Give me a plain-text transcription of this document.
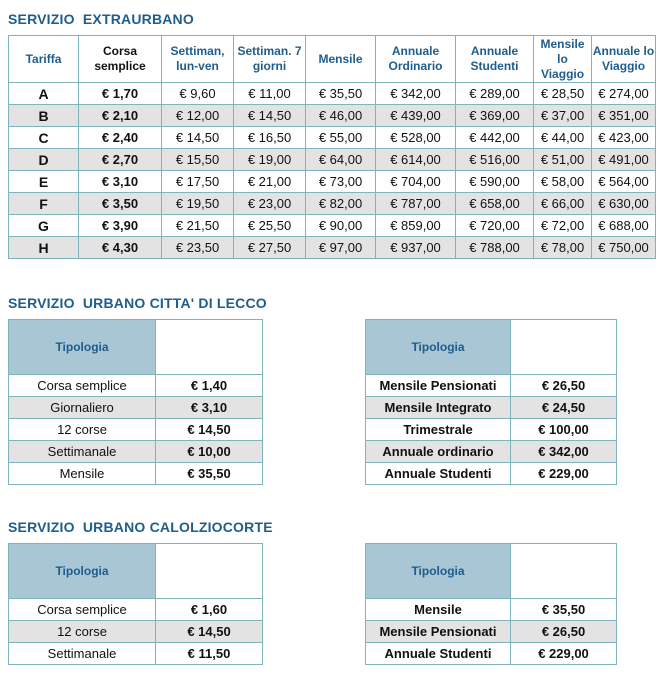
SERVIZIO  EXTRAURBANO
Tariffa	Corsa semplice	Settiman, lun-ven	Settiman. 7 giorni	Mensile	Annuale Ordinario	Annuale Studenti	Mensile lo Viaggio	Annuale lo Viaggio
A	€ 1,70	€ 9,60	€ 11,00	€ 35,50	€ 342,00	€ 289,00	€ 28,50	€ 274,00
B	€ 2,10	€ 12,00	€ 14,50	€ 46,00	€ 439,00	€ 369,00	€ 37,00	€ 351,00
C	€ 2,40	€ 14,50	€ 16,50	€ 55,00	€ 528,00	€ 442,00	€ 44,00	€ 423,00
D	€ 2,70	€ 15,50	€ 19,00	€ 64,00	€ 614,00	€ 516,00	€ 51,00	€ 491,00
E	€ 3,10	€ 17,50	€ 21,00	€ 73,00	€ 704,00	€ 590,00	€ 58,00	€ 564,00
F	€ 3,50	€ 19,50	€ 23,00	€ 82,00	€ 787,00	€ 658,00	€ 66,00	€ 630,00
G	€ 3,90	€ 21,50	€ 25,50	€ 90,00	€ 859,00	€ 720,00	€ 72,00	€ 688,00
H	€ 4,30	€ 23,50	€ 27,50	€ 97,00	€ 937,00	€ 788,00	€ 78,00	€ 750,00
SERVIZIO  URBANO CITTA' DI LECCO
Tipologia	
Corsa semplice	€ 1,40
Giornaliero	€ 3,10
12 corse	€ 14,50
Settimanale	€ 10,00
Mensile	€ 35,50
Tipologia	
Mensile Pensionati	€ 26,50
Mensile Integrato	€ 24,50
Trimestrale	€ 100,00
Annuale ordinario	€ 342,00
Annuale Studenti	€ 229,00
SERVIZIO  URBANO CALOLZIOCORTE
Tipologia	
Corsa semplice	€ 1,60
12 corse	€ 14,50
Settimanale	€ 11,50
Tipologia	
Mensile	€ 35,50
Mensile Pensionati	€ 26,50
Annuale Studenti	€ 229,00
